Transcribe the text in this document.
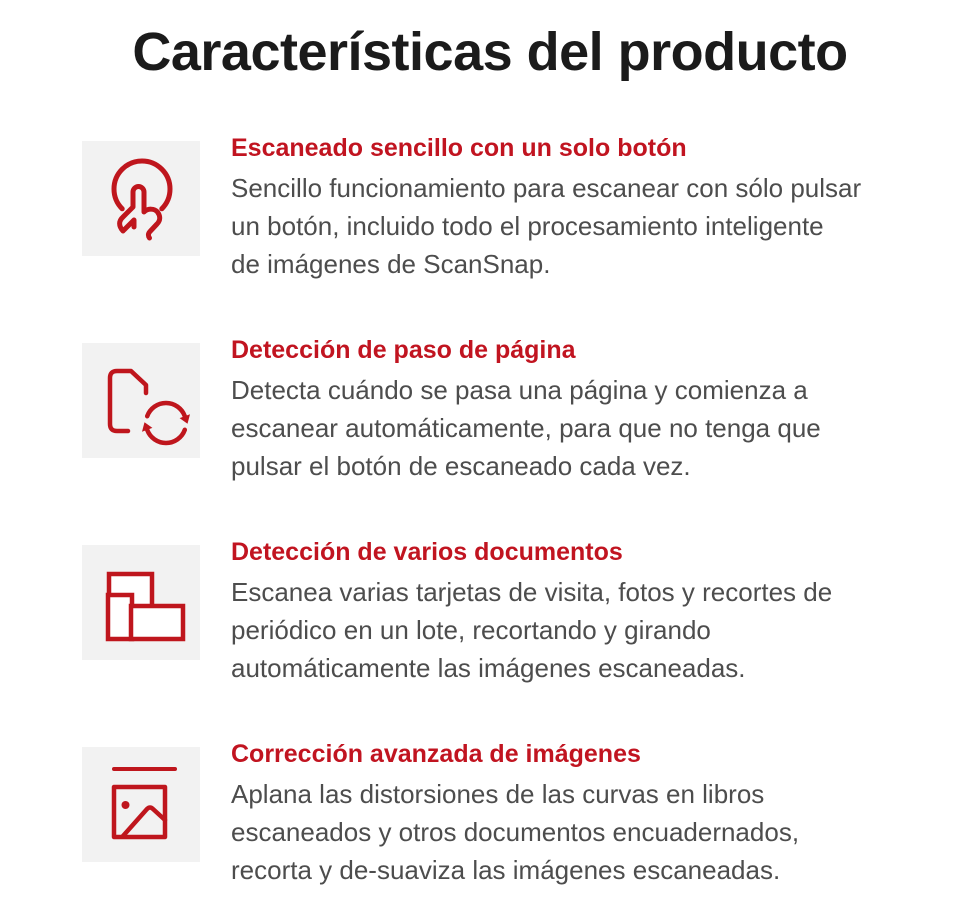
Características del producto
Escaneado sencillo con un solo botón
Sencillo funcionamiento para escanear con sólo pulsar
un botón, incluido todo el procesamiento inteligente
de imágenes de ScanSnap.
Detección de paso de página
Detecta cuándo se pasa una página y comienza a
escanear automáticamente, para que no tenga que
pulsar el botón de escaneado cada vez.
Detección de varios documentos
Escanea varias tarjetas de visita, fotos y recortes de
periódico en un lote, recortando y girando
automáticamente las imágenes escaneadas.
Corrección avanzada de imágenes
Aplana las distorsiones de las curvas en libros
escaneados y otros documentos encuadernados,
recorta y de-suaviza las imágenes escaneadas.
